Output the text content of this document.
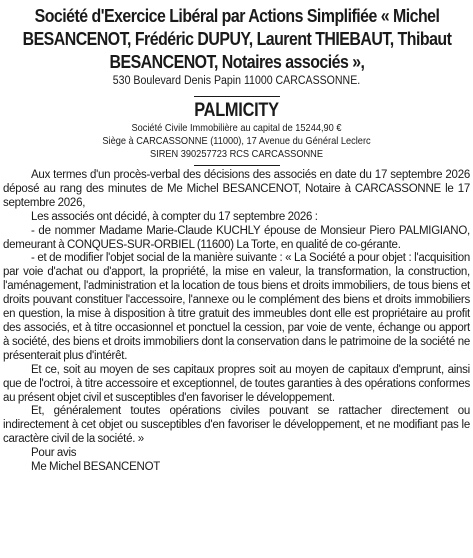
Société d'Exercice Libéral par Actions Simplifiée « Michel
BESANCENOT, Frédéric DUPUY, Laurent THIEBAUT, Thibaut
BESANCENOT, Notaires associés »,
530 Boulevard Denis Papin 11000 CARCASSONNE.
PALMICITY
Société Civile Immobilière au capital de 15244,90 €
Siège à CARCASSONNE (11000), 17 Avenue du Général Leclerc
SIREN 390257723 RCS CARCASSONNE

Aux termes d'un procès-verbal des décisions des associés en date du 17 septembre 2026 déposé au rang des minutes de Me Michel BESANCENOT, Notaire à CARCASSONNE le 17 septembre 2026,

Les associés ont décidé, à compter du 17 septembre 2026 :

- de nommer Madame Marie-Claude KUCHLY épouse de Monsieur Piero PALMIGIANO, demeurant à CONQUES-SUR-ORBIEL (11600) La Torte, en qualité de co-gérante.

- et de modifier l'objet social de la manière suivante : « La Société a pour objet : l'acquisition par voie d'achat ou d'apport, la propriété, la mise en valeur, la transformation, la construction, l'aménagement, l'administration et la location de tous biens et droits immobiliers, de tous biens et droits pouvant constituer l'accessoire, l'annexe ou le complément des biens et droits immobiliers en question, la mise à disposition à titre gratuit des immeubles dont elle est propriétaire au profit des associés, et à titre occasionnel et ponctuel la cession, par voie de vente, échange ou apport à société, des biens et droits immobiliers dont la conservation dans le patrimoine de la société ne présenterait plus d'intérêt.

Et ce, soit au moyen de ses capitaux propres soit au moyen de capitaux d'emprunt, ainsi que de l'octroi, à titre accessoire et exceptionnel, de toutes garanties à des opérations conformes au présent objet civil et susceptibles d'en favoriser le développement.

Et, généralement toutes opérations civiles pouvant se rattacher directement ou indirectement à cet objet ou susceptibles d'en favoriser le développement, et ne modifiant pas le caractère civil de la société. »

Pour avis
Me Michel BESANCENOT
